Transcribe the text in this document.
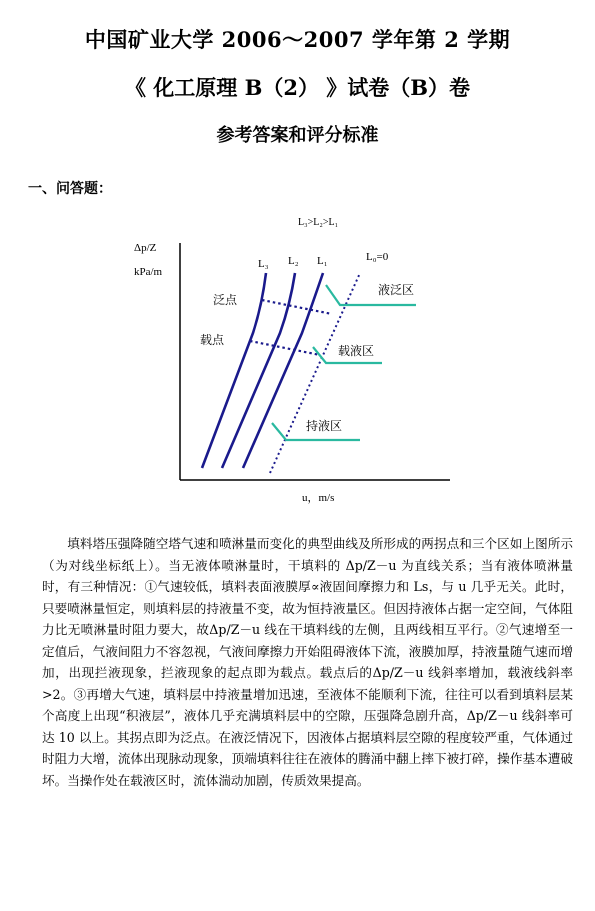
中国矿业大学 2006～2007 学年第 2 学期
《 化工原理 B（2） 》试卷（B）卷
参考答案和评分标准
一、问答题：
L₃>L₂>L₁
Δp/Z
kPa/m
u，m/s
L₃ L₂ L₁	L₀=0
泛点
载点
液泛区
载液区
持液区
填料塔压强降随空塔气速和喷淋量而变化的典型曲线及所形成的两拐点和三个区如上图所示（为对线坐标纸上）。当无液体喷淋量时，干填料的 Δp/Z－u 为直线关系；当有液体喷淋量时，有三种情况：①气速较低，填料表面液膜厚∝液固间摩擦力和 Ls，与 u 几乎无关。此时，只要喷淋量恒定，则填料层的持液量不变，故为恒持液量区。但因持液体占据一定空间，气体阻力比无喷淋量时阻力要大，故Δp/Z－u 线在干填料线的左侧，且两线相互平行。②气速增至一定值后，气液间阻力不容忽视，气液间摩擦力开始阻碍液体下流，液膜加厚，持液量随气速而增加，出现拦液现象，拦液现象的起点即为载点。载点后的Δp/Z－u 线斜率增加，载液线斜率>2。③再增大气速，填料层中持液量增加迅速，至液体不能顺利下流，往往可以看到填料层某个高度上出现“积液层”，液体几乎充满填料层中的空隙，压强降急剧升高，Δp/Z－u 线斜率可达 10 以上。其拐点即为泛点。在液泛情况下，因液体占据填料层空隙的程度较严重，气体通过时阻力大增，流体出现脉动现象，顶端填料往往在液体的腾涌中翻上摔下被打碎，操作基本遭破坏。当操作处在载液区时，流体湍动加剧，传质效果提高。
